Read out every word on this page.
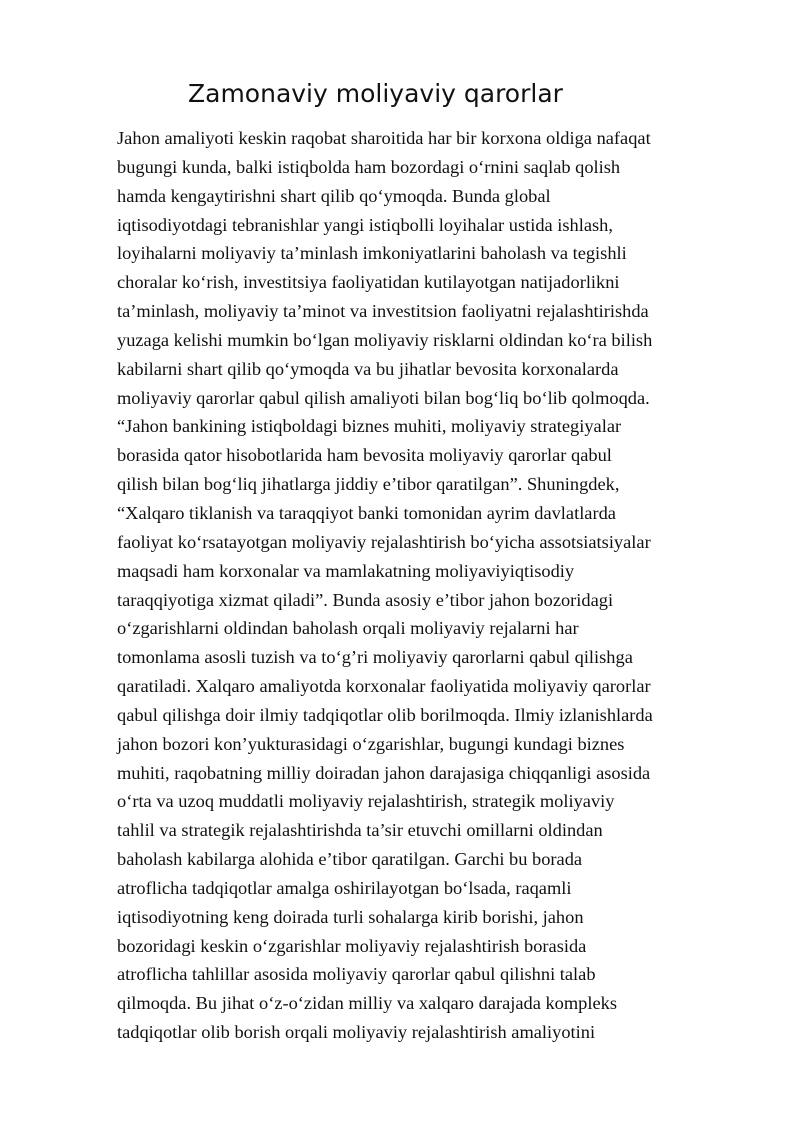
Zamonaviy moliyaviy qarorlar
Jahon amaliyoti keskin raqobat sharoitida har bir korxona oldiga nafaqat
bugungi kunda, balki istiqbolda ham bozordagi o‘rnini saqlab qolish
hamda kengaytirishni shart qilib qo‘ymoqda. Bunda global
iqtisodiyotdagi tebranishlar yangi istiqbolli loyihalar ustida ishlash,
loyihalarni moliyaviy ta’minlash imkoniyatlarini baholash va tegishli
choralar ko‘rish, investitsiya faoliyatidan kutilayotgan natijadorlikni
ta’minlash, moliyaviy ta’minot va investitsion faoliyatni rejalashtirishda
yuzaga kelishi mumkin bo‘lgan moliyaviy risklarni oldindan ko‘ra bilish
kabilarni shart qilib qo‘ymoqda va bu jihatlar bevosita korxonalarda
moliyaviy qarorlar qabul qilish amaliyoti bilan bog‘liq bo‘lib qolmoqda.
“Jahon bankining istiqboldagi biznes muhiti, moliyaviy strategiyalar
borasida qator hisobotlarida ham bevosita moliyaviy qarorlar qabul
qilish bilan bog‘liq jihatlarga jiddiy e’tibor qaratilgan”. Shuningdek,
“Xalqaro tiklanish va taraqqiyot banki tomonidan ayrim davlatlarda
faoliyat ko‘rsatayotgan moliyaviy rejalashtirish bo‘yicha assotsiatsiyalar
maqsadi ham korxonalar va mamlakatning moliyaviyiqtisodiy
taraqqiyotiga xizmat qiladi”. Bunda asosiy e’tibor jahon bozoridagi
o‘zgarishlarni oldindan baholash orqali moliyaviy rejalarni har
tomonlama asosli tuzish va to‘g’ri moliyaviy qarorlarni qabul qilishga
qaratiladi. Xalqaro amaliyotda korxonalar faoliyatida moliyaviy qarorlar
qabul qilishga doir ilmiy tadqiqotlar olib borilmoqda. Ilmiy izlanishlarda
jahon bozori kon’yukturasidagi o‘zgarishlar, bugungi kundagi biznes
muhiti, raqobatning milliy doiradan jahon darajasiga chiqqanligi asosida
o‘rta va uzoq muddatli moliyaviy rejalashtirish, strategik moliyaviy
tahlil va strategik rejalashtirishda ta’sir etuvchi omillarni oldindan
baholash kabilarga alohida e’tibor qaratilgan. Garchi bu borada
atroflicha tadqiqotlar amalga oshirilayotgan bo‘lsada, raqamli
iqtisodiyotning keng doirada turli sohalarga kirib borishi, jahon
bozoridagi keskin o‘zgarishlar moliyaviy rejalashtirish borasida
atroflicha tahlillar asosida moliyaviy qarorlar qabul qilishni talab
qilmoqda. Bu jihat o‘z-o‘zidan milliy va xalqaro darajada kompleks
tadqiqotlar olib borish orqali moliyaviy rejalashtirish amaliyotini
